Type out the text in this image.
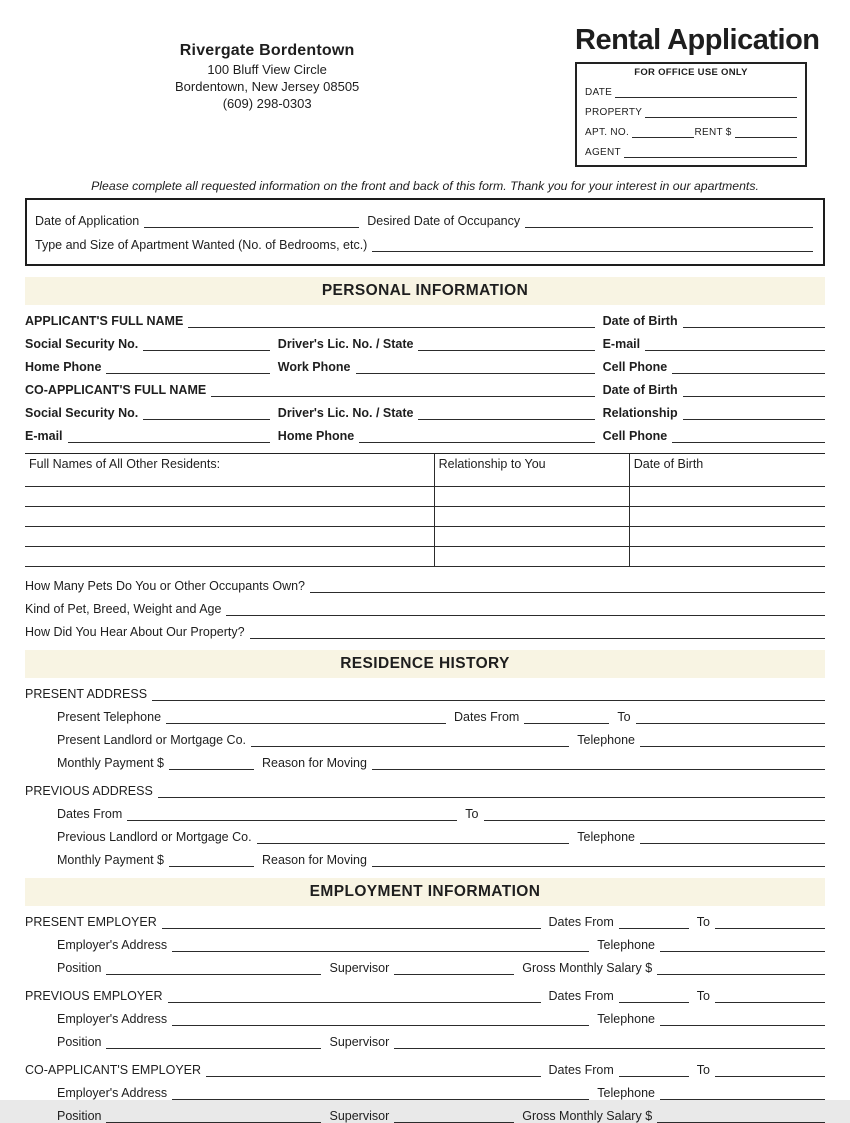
Rivergate Bordentown
100 Bluff View Circle
Bordentown, New Jersey 08505
(609) 298-0303
Rental Application
FOR OFFICE USE ONLY
DATE
PROPERTY
APT. NO.	RENT $
AGENT
Please complete all requested information on the front and back of this form. Thank you for your interest in our apartments.
Date of Application	Desired Date of Occupancy
Type and Size of Apartment Wanted (No. of Bedrooms, etc.)
PERSONAL INFORMATION
APPLICANT'S FULL NAME	Date of Birth
Social Security No.	Driver's Lic. No. / State	E-mail
Home Phone	Work Phone	Cell Phone
CO-APPLICANT'S FULL NAME	Date of Birth
Social Security No.	Driver's Lic. No. / State	Relationship
E-mail	Home Phone	Cell Phone
Full Names of All Other Residents:	Relationship to You	Date of Birth
How Many Pets Do You or Other Occupants Own?
Kind of Pet, Breed, Weight and Age
How Did You Hear About Our Property?
RESIDENCE HISTORY
PRESENT ADDRESS
Present Telephone	Dates From	To
Present Landlord or Mortgage Co.	Telephone
Monthly Payment $	Reason for Moving
PREVIOUS ADDRESS
Dates From	To
Previous Landlord or Mortgage Co.	Telephone
Monthly Payment $	Reason for Moving
EMPLOYMENT INFORMATION
PRESENT EMPLOYER	Dates From	To
Employer's Address	Telephone
Position	Supervisor	Gross Monthly Salary $
PREVIOUS EMPLOYER	Dates From	To
Employer's Address	Telephone
Position	Supervisor
CO-APPLICANT'S EMPLOYER	Dates From	To
Employer's Address	Telephone
Position	Supervisor	Gross Monthly Salary $
